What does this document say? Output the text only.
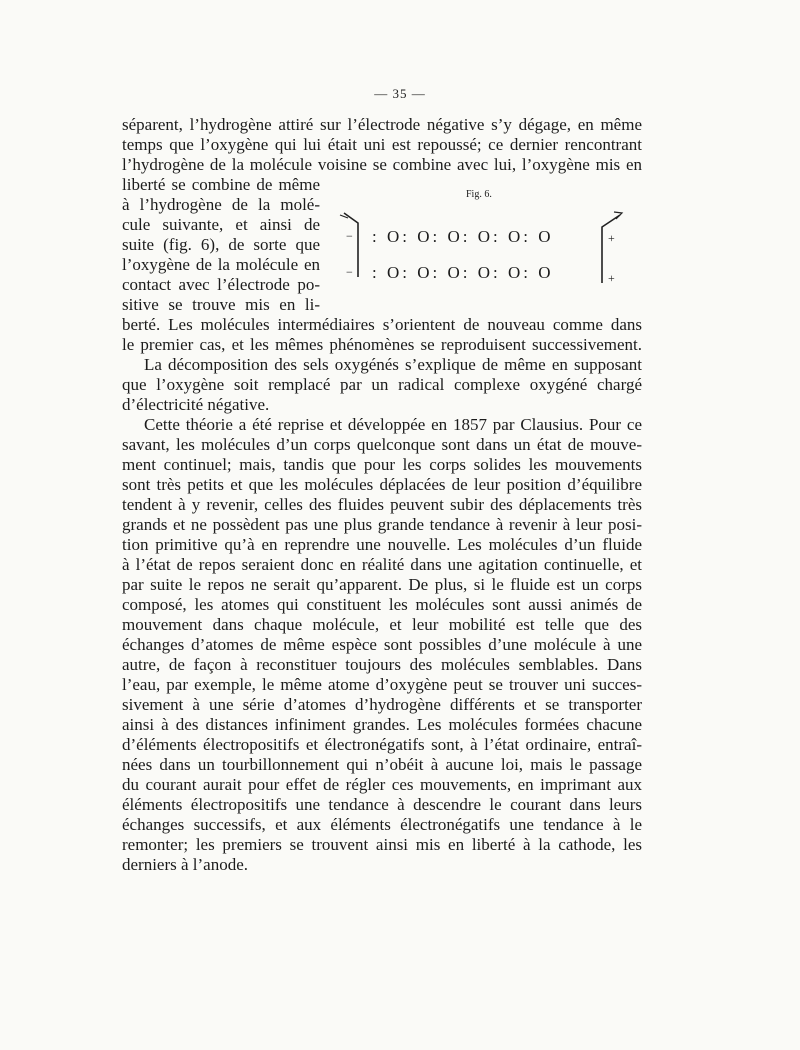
— 35 —
Fig. 6.
: O: O: O: O: O: O
: O: O: O: O: O: O
−
−
+
+
séparent, l’hydrogène attiré sur l’électrode négative s’y dégage, en même
temps que l’oxygène qui lui était uni est repoussé; ce dernier rencontrant
l’hydrogène de la molécule voisine se combine avec lui, l’oxygène mis en
liberté se combine de même
à l’hydrogène de la molé-
cule suivante, et ainsi de
suite (fig. 6), de sorte que
l’oxygène de la molécule en
contact avec l’électrode po-
sitive se trouve mis en li-
berté. Les molécules intermédiaires s’orientent de nouveau comme dans
le premier cas, et les mêmes phénomènes se reproduisent successivement.
La décomposition des sels oxygénés s’explique de même en supposant
que l’oxygène soit remplacé par un radical complexe oxygéné chargé
d’électricité négative.
Cette théorie a été reprise et développée en 1857 par Clausius. Pour ce
savant, les molécules d’un corps quelconque sont dans un état de mouve-
ment continuel; mais, tandis que pour les corps solides les mouvements
sont très petits et que les molécules déplacées de leur position d’équilibre
tendent à y revenir, celles des fluides peuvent subir des déplacements très
grands et ne possèdent pas une plus grande tendance à revenir à leur posi-
tion primitive qu’à en reprendre une nouvelle. Les molécules d’un fluide
à l’état de repos seraient donc en réalité dans une agitation continuelle, et
par suite le repos ne serait qu’apparent. De plus, si le fluide est un corps
composé, les atomes qui constituent les molécules sont aussi animés de
mouvement dans chaque molécule, et leur mobilité est telle que des
échanges d’atomes de même espèce sont possibles d’une molécule à une
autre, de façon à reconstituer toujours des molécules semblables. Dans
l’eau, par exemple, le même atome d’oxygène peut se trouver uni succes-
sivement à une série d’atomes d’hydrogène différents et se transporter
ainsi à des distances infiniment grandes. Les molécules formées chacune
d’éléments électropositifs et électronégatifs sont, à l’état ordinaire, entraî-
nées dans un tourbillonnement qui n’obéit à aucune loi, mais le passage
du courant aurait pour effet de régler ces mouvements, en imprimant aux
éléments électropositifs une tendance à descendre le courant dans leurs
échanges successifs, et aux éléments électronégatifs une tendance à le
remonter; les premiers se trouvent ainsi mis en liberté à la cathode, les
derniers à l’anode.
